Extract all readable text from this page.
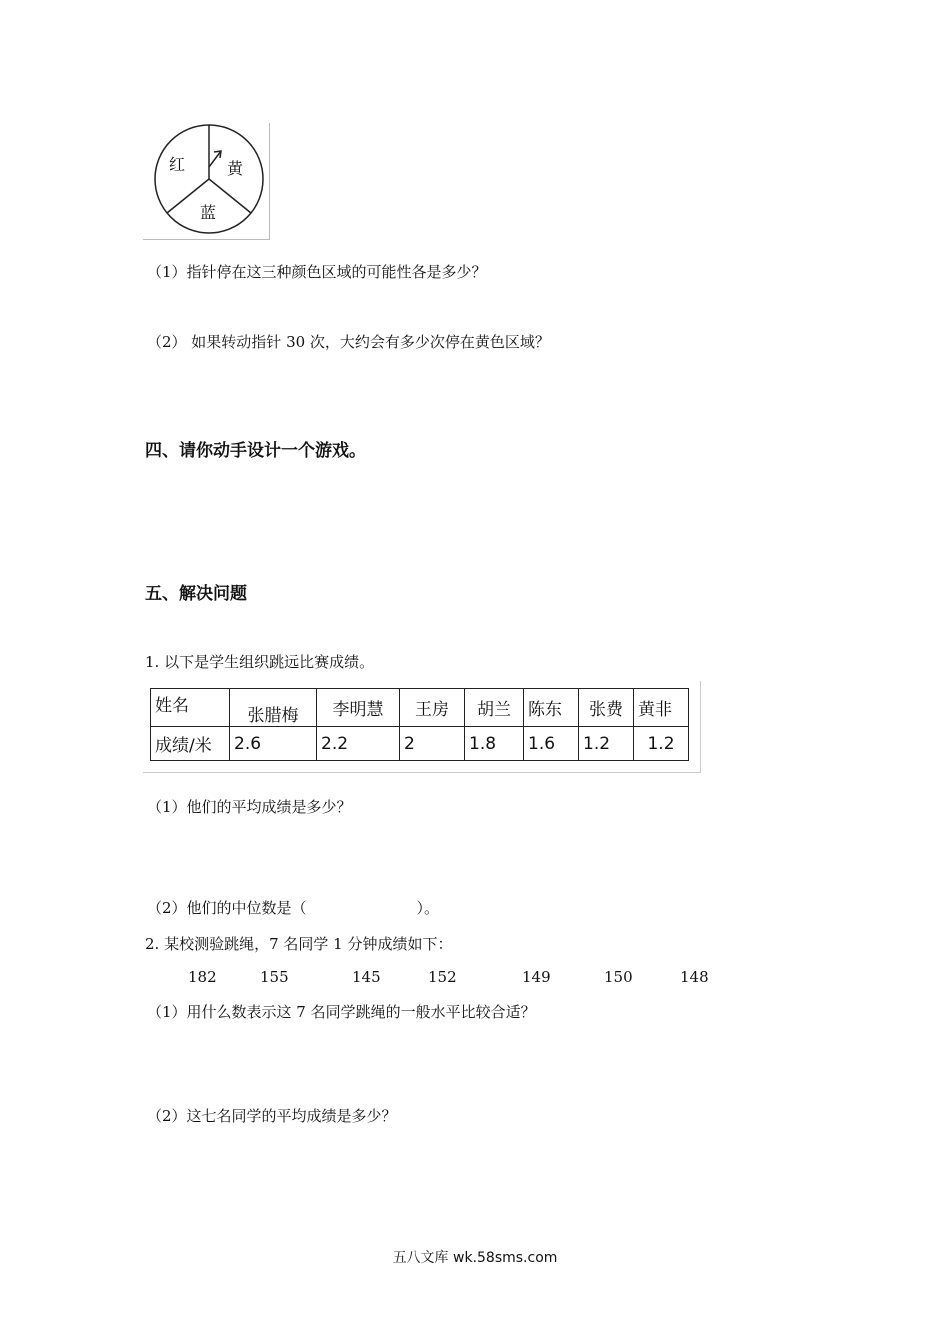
红	黄
蓝
（1）指针停在这三种颜色区域的可能性各是多少？
（2） 如果转动指针 30 次，大约会有多少次停在黄色区域？
四、请你动手设计一个游戏。
五、解决问题
1. 以下是学生组织跳远比赛成绩。
姓名	张腊梅	李明慧	王房	胡兰	陈东	张费	黄非
成绩/米	2.6	2.2	2	1.8	1.6	1.2	1.2
（1）他们的平均成绩是多少？
（2）他们的中位数是（	）。
2. 某校测验跳绳，7 名同学 1 分钟成绩如下：
182	155	145	152	149	150	148
（1）用什么数表示这 7 名同学跳绳的一般水平比较合适？
（2）这七名同学的平均成绩是多少？
五八文库 wk.58sms.com
